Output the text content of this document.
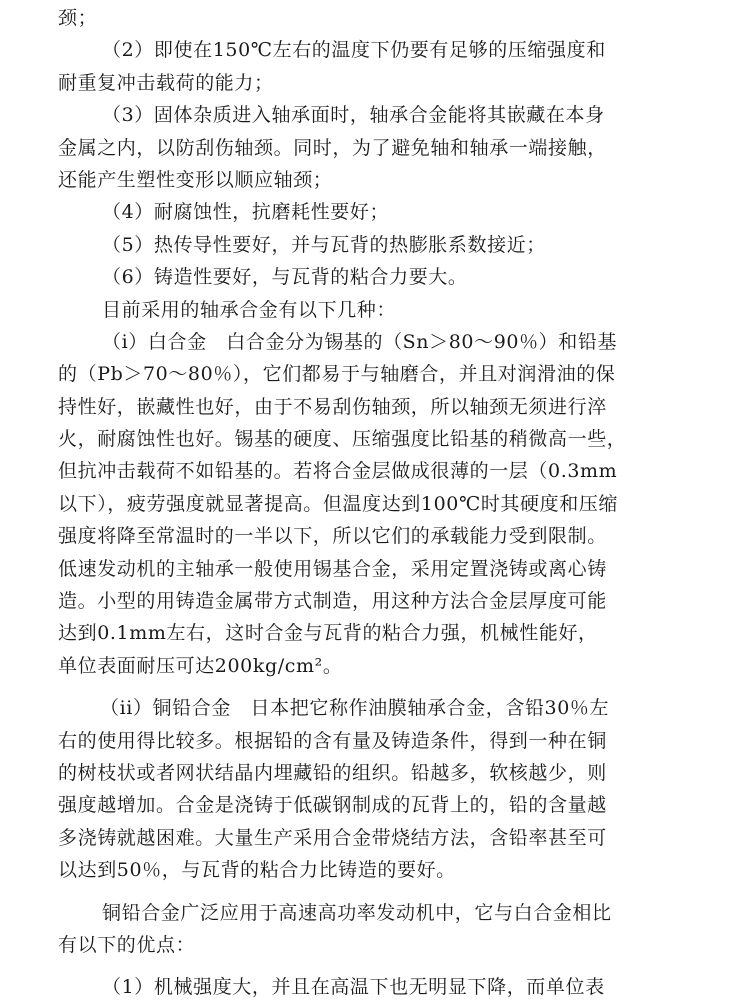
颈；

（2）即使在150℃左右的温度下仍要有足够的压缩强度和

耐重复冲击载荷的能力；

（3）固体杂质进入轴承面时，轴承合金能将其嵌藏在本身

金属之内，以防刮伤轴颈。同时，为了避免轴和轴承一端接触，

还能产生塑性变形以顺应轴颈；

（4）耐腐蚀性，抗磨耗性要好；

（5）热传导性要好，并与瓦背的热膨胀系数接近；

（6）铸造性要好，与瓦背的粘合力要大。

目前采用的轴承合金有以下几种：

（i）白合金　白合金分为锡基的（Sn＞80～90％）和铅基

的（Pb＞70～80％），它们都易于与轴磨合，并且对润滑油的保

持性好，嵌藏性也好，由于不易刮伤轴颈，所以轴颈无须进行淬

火，耐腐蚀性也好。锡基的硬度、压缩强度比铅基的稍微高一些，

但抗冲击载荷不如铅基的。若将合金层做成很薄的一层（0.3mm

以下），疲劳强度就显著提高。但温度达到100℃时其硬度和压缩

强度将降至常温时的一半以下，所以它们的承载能力受到限制。

低速发动机的主轴承一般使用锡基合金，采用定置浇铸或离心铸

造。小型的用铸造金属带方式制造，用这种方法合金层厚度可能

达到0.1mm左右，这时合金与瓦背的粘合力强，机械性能好，

单位表面耐压可达200kg/cm²。

（ii）铜铅合金　日本把它称作油膜轴承合金，含铅30％左

右的使用得比较多。根据铅的含有量及铸造条件，得到一种在铜

的树枝状或者网状结晶内埋藏铅的组织。铅越多，软核越少，则

强度越增加。合金是浇铸于低碳钢制成的瓦背上的，铅的含量越

多浇铸就越困难。大量生产采用合金带烧结方法，含铅率甚至可

以达到50％，与瓦背的粘合力比铸造的要好。

铜铅合金广泛应用于高速高功率发动机中，它与白合金相比

有以下的优点：

（1）机械强度大，并且在高温下也无明显下降，而单位表
